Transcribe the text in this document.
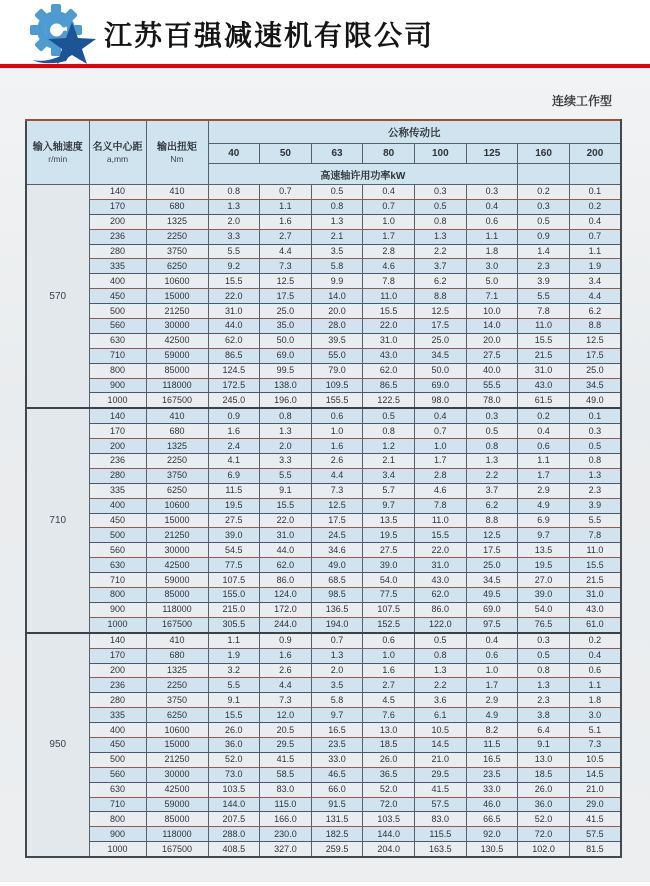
江苏百强减速机有限公司
连续工作型
输入轴速度
r/min

名义中心距
a,mm

输出扭矩
Nm
	公称传动比
			40	50	63	80	100	125	160	200
			高速轴许用功率kW							
570	140	410	0.8	0.7	0.5	0.4	0.3	0.3	0.2	0.1
	170	680	1.3	1.1	0.8	0.7	0.5	0.4	0.3	0.2
	200	1325	2.0	1.6	1.3	1.0	0.8	0.6	0.5	0.4
	236	2250	3.3	2.7	2.1	1.7	1.3	1.1	0.9	0.7
	280	3750	5.5	4.4	3.5	2.8	2.2	1.8	1.4	1.1
	335	6250	9.2	7.3	5.8	4.6	3.7	3.0	2.3	1.9
	400	10600	15.5	12.5	9.9	7.8	6.2	5.0	3.9	3.4
	450	15000	22.0	17.5	14.0	11.0	8.8	7.1	5.5	4.4
	500	21250	31.0	25.0	20.0	15.5	12.5	10.0	7.8	6.2
	560	30000	44.0	35.0	28.0	22.0	17.5	14.0	11.0	8.8
	630	42500	62.0	50.0	39.5	31.0	25.0	20.0	15.5	12.5
	710	59000	86.5	69.0	55.0	43.0	34.5	27.5	21.5	17.5
	800	85000	124.5	99.5	79.0	62.0	50.0	40.0	31.0	25.0
	900	118000	172.5	138.0	109.5	86.5	69.0	55.5	43.0	34.5
	1000	167500	245.0	196.0	155.5	122.5	98.0	78.0	61.5	49.0
710	140	410	0.9	0.8	0.6	0.5	0.4	0.3	0.2	0.1
	170	680	1.6	1.3	1.0	0.8	0.7	0.5	0.4	0.3
	200	1325	2.4	2.0	1.6	1.2	1.0	0.8	0.6	0.5
	236	2250	4.1	3.3	2.6	2.1	1.7	1.3	1.1	0.8
	280	3750	6.9	5.5	4.4	3.4	2.8	2.2	1.7	1.3
	335	6250	11.5	9.1	7.3	5.7	4.6	3.7	2.9	2.3
	400	10600	19.5	15.5	12.5	9.7	7.8	6.2	4.9	3.9
	450	15000	27.5	22.0	17.5	13.5	11.0	8.8	6.9	5.5
	500	21250	39.0	31.0	24.5	19.5	15.5	12.5	9.7	7.8
	560	30000	54.5	44.0	34.6	27.5	22.0	17.5	13.5	11.0
	630	42500	77.5	62.0	49.0	39.0	31.0	25.0	19.5	15.5
	710	59000	107.5	86.0	68.5	54.0	43.0	34.5	27.0	21.5
	800	85000	155.0	124.0	98.5	77.5	62.0	49.5	39.0	31.0
	900	118000	215.0	172.0	136.5	107.5	86.0	69.0	54.0	43.0
	1000	167500	305.5	244.0	194.0	152.5	122.0	97.5	76.5	61.0
950	140	410	1.1	0.9	0.7	0.6	0.5	0.4	0.3	0.2
	170	680	1.9	1.6	1.3	1.0	0.8	0.6	0.5	0.4
	200	1325	3.2	2.6	2.0	1.6	1.3	1.0	0.8	0.6
	236	2250	5.5	4.4	3.5	2.7	2.2	1.7	1.3	1.1
	280	3750	9.1	7.3	5.8	4.5	3.6	2.9	2.3	1.8
	335	6250	15.5	12.0	9.7	7.6	6.1	4.9	3.8	3.0
	400	10600	26.0	20.5	16.5	13.0	10.5	8.2	6.4	5.1
	450	15000	36.0	29.5	23.5	18.5	14.5	11.5	9.1	7.3
	500	21250	52.0	41.5	33.0	26.0	21.0	16.5	13.0	10.5
	560	30000	73.0	58.5	46.5	36.5	29.5	23.5	18.5	14.5
	630	42500	103.5	83.0	66.0	52.0	41.5	33.0	26.0	21.0
	710	59000	144.0	115.0	91.5	72.0	57.5	46.0	36.0	29.0
	800	85000	207.5	166.0	131.5	103.5	83.0	66.5	52.0	41.5
	900	118000	288.0	230.0	182.5	144.0	115.5	92.0	72.0	57.5
	1000	167500	408.5	327.0	259.5	204.0	163.5	130.5	102.0	81.5
